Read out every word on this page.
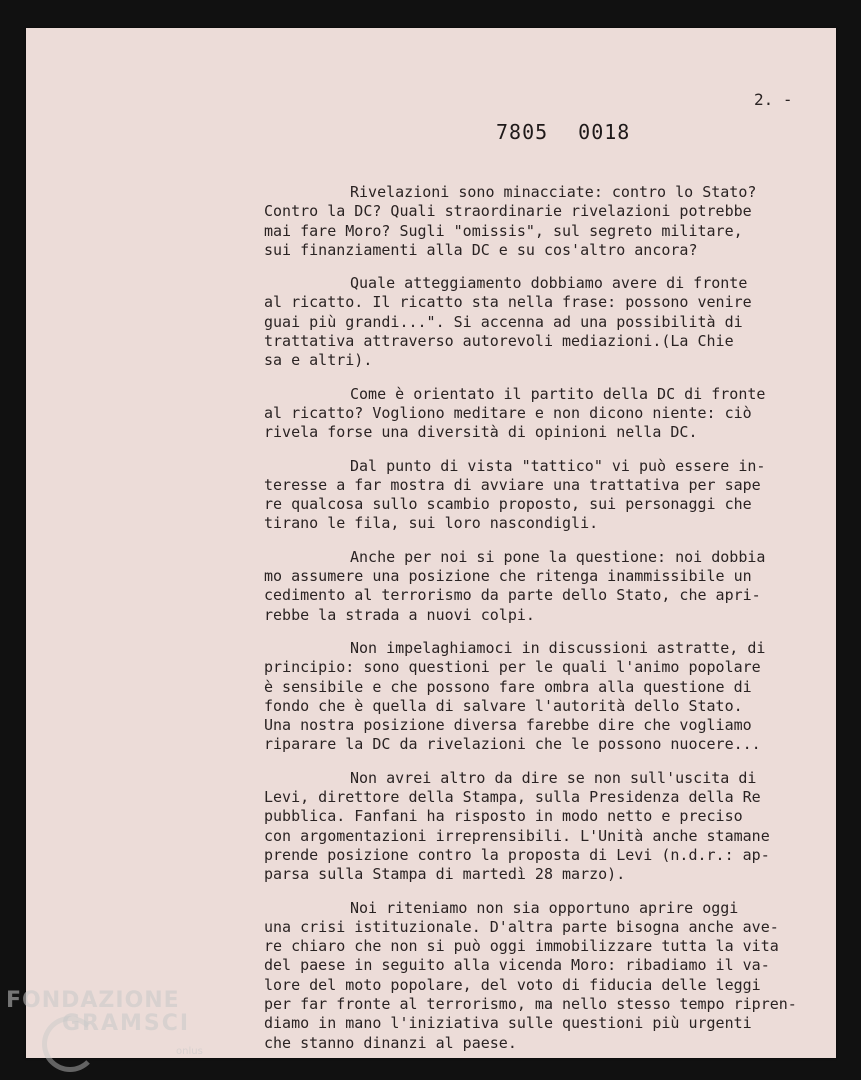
2. -
7805 0018

Rivelazioni sono minacciate: contro lo Stato?
Contro la DC? Quali straordinarie rivelazioni potrebbe
mai fare Moro? Sugli "omissis", sul segreto militare,
sui finanziamenti alla DC e su cos'altro ancora?

Quale atteggiamento dobbiamo avere di fronte
al ricatto. Il ricatto sta nella frase: possono venire
guai più grandi...". Si accenna ad una possibilità di
trattativa attraverso autorevoli mediazioni.(La Chie
sa e altri).

Come è orientato il partito della DC di fronte
al ricatto? Vogliono meditare e non dicono niente: ciò
rivela forse una diversità di opinioni nella DC.

Dal punto di vista "tattico" vi può essere in-
teresse a far mostra di avviare una trattativa per sape
re qualcosa sullo scambio proposto, sui personaggi che
tirano le fila, sui loro nascondigli.

Anche per noi si pone la questione: noi dobbia
mo assumere una posizione che ritenga inammissibile un
cedimento al terrorismo da parte dello Stato, che apri-
rebbe la strada a nuovi colpi.

Non impelaghiamoci in discussioni astratte, di
principio: sono questioni per le quali l'animo popolare
è sensibile e che possono fare ombra alla questione di
fondo che è quella di salvare l'autorità dello Stato.
Una nostra posizione diversa farebbe dire che vogliamo
riparare la DC da rivelazioni che le possono nuocere...

Non avrei altro da dire se non sull'uscita di
Levi, direttore della Stampa, sulla Presidenza della Re
pubblica. Fanfani ha risposto in modo netto e preciso
con argomentazioni irreprensibili. L'Unità anche stamane
prende posizione contro la proposta di Levi (n.d.r.: ap-
parsa sulla Stampa di martedì 28 marzo).

Noi riteniamo non sia opportuno aprire oggi
una crisi istituzionale. D'altra parte bisogna anche ave-
re chiaro che non si può oggi immobilizzare tutta la vita
del paese in seguito alla vicenda Moro: ribadiamo il va-
lore del moto popolare, del voto di fiducia delle leggi
per far fronte al terrorismo, ma nello stesso tempo ripren-
diamo in mano l'iniziativa sulle questioni più urgenti
che stanno dinanzi al paese.

FONDAZIONE
GRAMSCI
onlus
